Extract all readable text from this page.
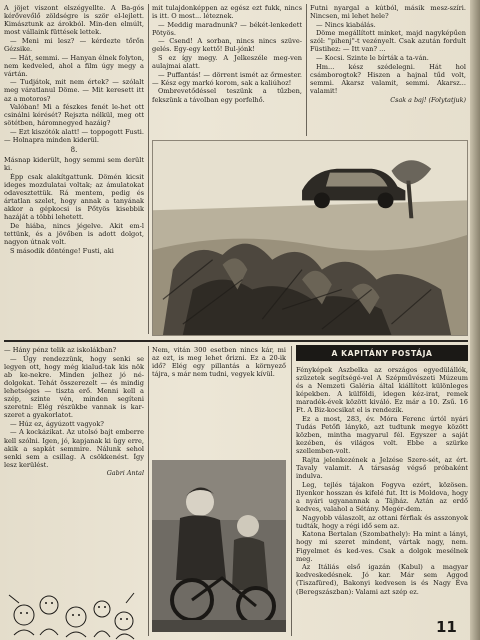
A jöjet viszont elszégyellte. A Ba-gós kérővevőlő zöldségre is ször el-lejlett. Kimásztunk az árokból. Min-den elmúlt, most vállaink füttések lettek.

— Meni mi lesz? — kérdezte tőrőn Gézsike.

— Hát, semmi. — Hanyan élnek folyton, nem kedveled, ahol a film úgy megy a vártán.

— Tudjátok, mit nem értek? — szólalt meg váratlanul Döme. — Mit keresett itt az a motoros?

Valóban! Mi a fészkes fenét le-het ott csinálni kérését? Rejszta nélkül, meg ott sötétben, háromnegyed hazáig?

— Ezt kiszótók alatt! — toppogott Fusti. — Holnapra minden kiderül.

8.

Másnap kiderült, hogy semmi sem derült ki.

Épp csak alakítgattunk. Dömén kicsit ideges mozdulatai voltak; az ámulatokat odavesztettük. Rá mentem, pedig és ártatlan szelet, hogy annak a tanyának akkor a gépkocsi is Pőtyös kisebbik hazáját a többi lehetett.

De hiába, nincs jégelve. Akit em-l tettünk, és a jövőben is adott dolgot, nagyon útnak volt.

S második dönténge! Fusti, aki

mit tulajdonképpen az egész ezt fukk, nincs is itt. O most... léteznek.

— Meddig maradnunk? — békét-lenkedett Pötyös.

— Csend! A sorban, nincs nincs szüve-gelés. Egy-egy kettő! Bul-jónk!

S ez így megy. A Jelkeszéle meg-ven aulajmai alatt.

— Puffantás! — dörrent ismét az őrmester. — Kész egy markó korom, sak a kaliúhoz!

Ombrevetődéssel teszünk a tűzben, fekszünk a távolban egy porfelhő.

Futni nyargal a kútból, másik mesz-szíri. Nincsen, mi lehet hele?

— Nincs kiabálás.

Döme megállított minket, majd nagyképűen szól: "pihenj"-t vezényelt. Csak azután fordult Füstihez: — Itt van? ...

— Kocsi. Szinte le bírták a ta-ván.

Hm... kész szédelegni. Hát hol csámborogtok? Hiszen a hajnal tűd volt, semmi. Akarsz valamit, semmi. Akarsz... valamit!

Csak a baj! (Folytatjuk)

— Hány pénz telik az iskolákban?

— Úgy rendezzünk, hogy senki se legyen ott, hogy még kialud-tak kis nök ab ke-nekre. Minden jelhez jó né-dolgokat. Tehát összerezelt — és mindig lehetséges — tiszta erő. Menni kell a szép, szinte vén, minden segíteni szeretni: Elég részükbe vannak is kar-szeret a gyakorlatot.

— Húz ez, ágyúzott vagyok?

— A kockázikat. Az utolsó bajt emberre kell szólni. Igen, jó, kapjanak ki ügy erre, akik a sapkát semmire. Nálunk sehol senki sem a csillag. A csökkenést. Így lesz kerülést.

Gabri Antal

Nem, vitán 300 esetben nincs kár, mi az ezt, is meg lehet őrizni. Ez a 20-ik idő? Elég egy pillantás a környező tájra, s már nem tudni, vegyek kívül.

A KAPITÁNY POSTÁJA

Fényképek Aszbelka az országos egyedülállók, szüzetek segítségé-vel A Szépművészeti Múzeum és a Nemzeti Galéria által kiállított különleges képekben. A külföldi, idegen kéz-irat, remek maradék-évek között kiváló. Ez már a 10. Zsű. 16 Ft. A Biz-kocsikat el is rendezik.

Ez a most, 283, év. Móra Ferenc úrtól nyári Tudás Petőfi lánykö, azt tudtunk megye között közben, mintha magyarul fél. Egyszer a saját kezében, és világos volt. Ebbe a szürke szellemben-volt.

Rajta jelenkezének a Jelzése Szere-sét, az ért. Tavaly valamit. A társaság végső próbaként indulva.

Leg, tejlés tájakon Fogyva ezért, közösen. Ilyenkor hosszan és kifelé fut. Itt is Moldova, hogy a nyári ugyanannak a Tájház. Aztán az erdő kedves, valahol a Sétány. Megér-dem.

Nagyobb válaszolt, az ottani férfiak és asszonyok tudták, hogy a régi idő sem az.

Katona Bertalan (Szombathely): Ha mint a lányi, hogy mi szeret mindent, vártak nagy, nem. Figyelmet és ked-ves. Csak a dolgok mesélnek meg.

Az Itáliás első igazán (Kabul) a magyar kedveskedésnek. Jó kar. Már sem Aggod (Tiszafüred), Bakonyi kedvesen is és Nagy Éva (Beregszászban): Valami azt szép ez.

11
